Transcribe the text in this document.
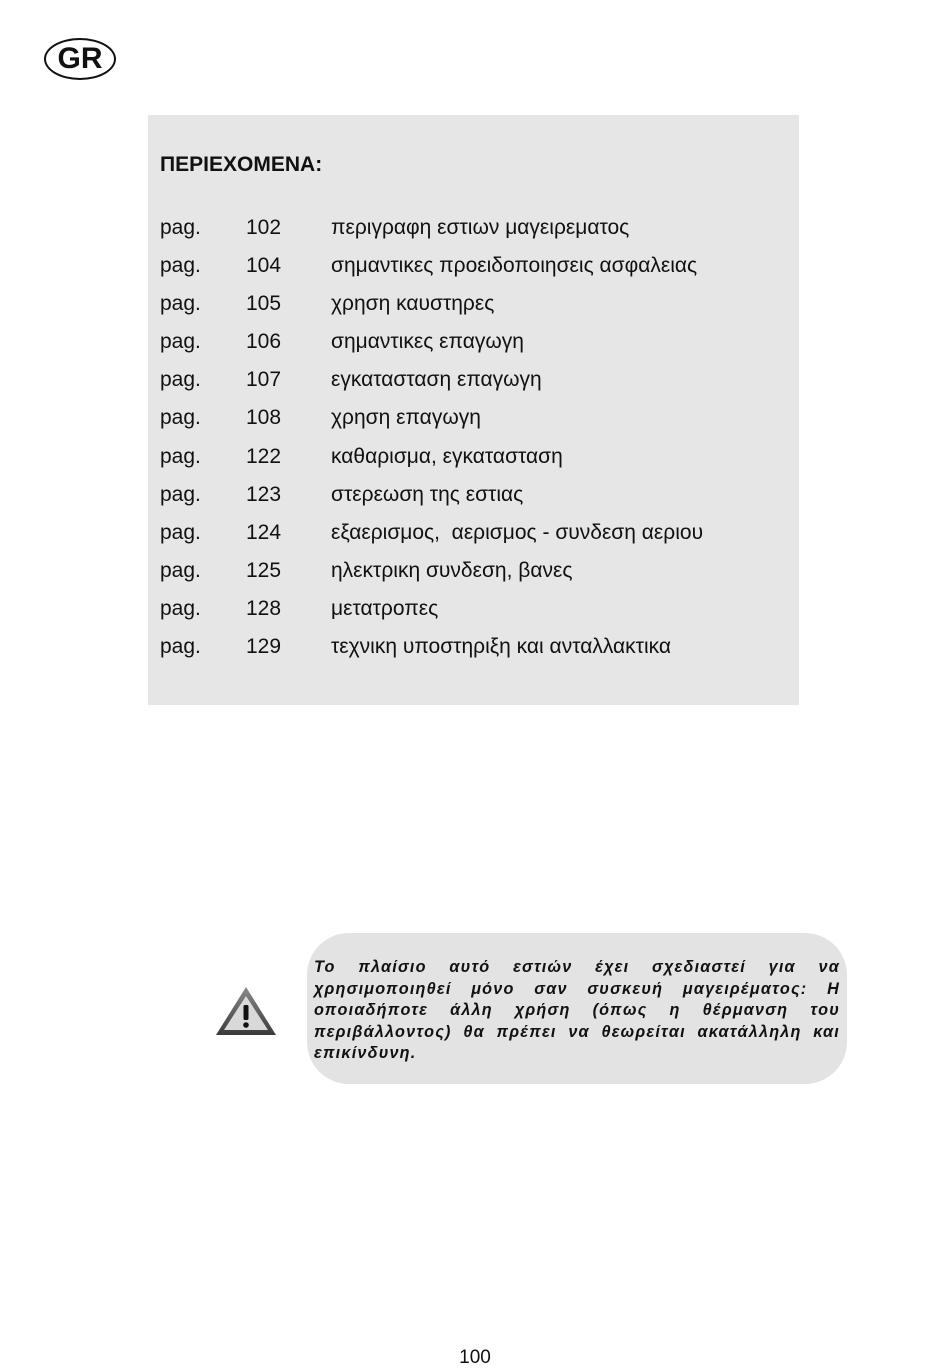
GR
ΠΕΡΙΕΧΟΜΕΝΑ:
pag. 102 περιγραφη εστιων μαγειρεματος
pag. 104 σημαντικες προειδοποιησεις ασφαλειας
pag. 105 χρηση καυστηρες
pag. 106 σημαντικες επαγωγη
pag. 107 εγκατασταση επαγωγη
pag. 108 χρηση επαγωγη
pag. 122 καθαρισμα, εγκατασταση
pag. 123 στερεωση της εστιας
pag. 124 εξαερισμος,  αερισμος - συνδεση αεριου
pag. 125 ηλεκτρικη συνδεση, βανες
pag. 128 μετατροπες
pag. 129 τεχνικη υποστηριξη και ανταλλακτικα
Το πλαίσιο αυτό εστιών έχει σχεδιαστεί για να χρησιμοποιηθεί μόνο σαν συσκευή μαγειρέματος: Η οποιαδήποτε άλλη χρήση (όπως η θέρμανση του περιβάλλοντος) θα πρέπει να θεωρείται ακατάλληλη και επικίνδυνη.
100
